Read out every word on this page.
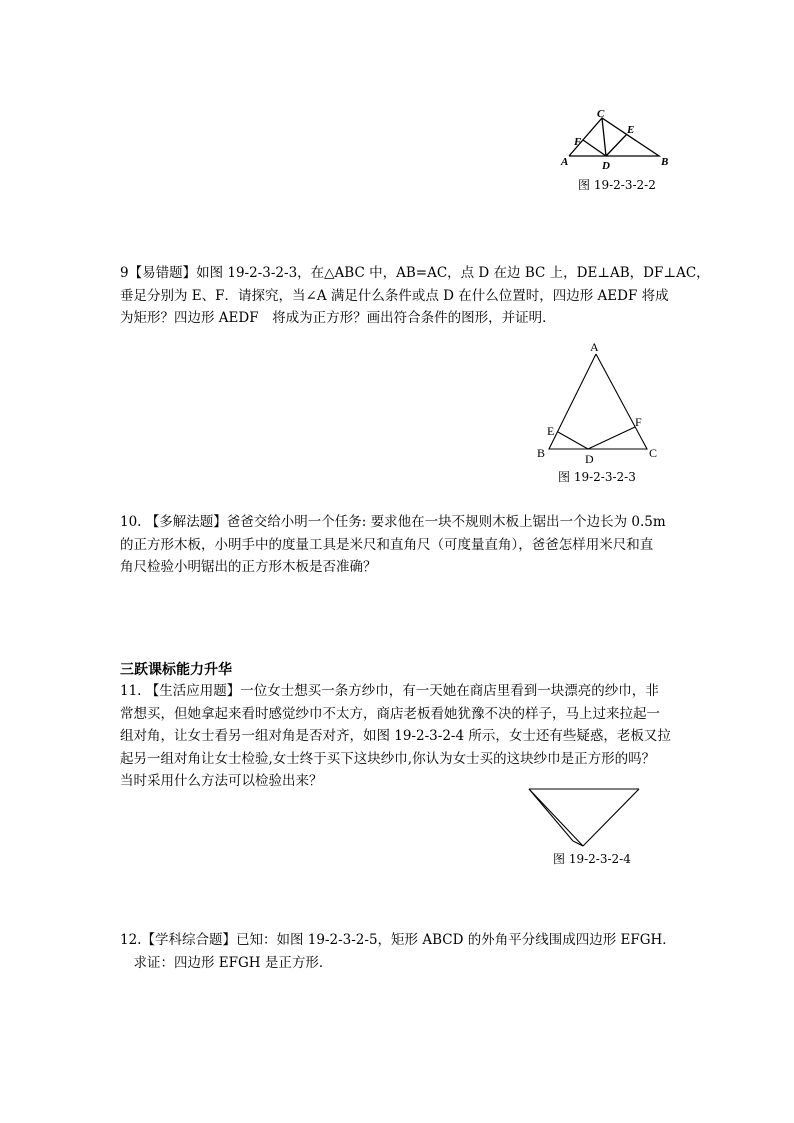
C
E
F
A	D	B
图 19-2-3-2-2
9【易错题】如图 19-2-3-2-3，在△ABC 中，AB=AC，点 D 在边 BC 上，DE⊥AB，DF⊥AC，
垂足分别为 E、F．请探究，当∠A 满足什么条件或点 D 在什么位置时，四边形 AEDF 将成
为矩形？四边形 AEDF　将成为正方形？画出符合条件的图形，并证明．
A
E
F
B	D	C
图 19-2-3-2-3
10. 【多解法题】爸爸交给小明一个任务: 要求他在一块不规则木板上锯出一个边长为 0.5m
的正方形木板，小明手中的度量工具是米尺和直角尺（可度量直角），爸爸怎样用米尺和直
角尺检验小明锯出的正方形木板是否准确？
三跃课标能力升华
11. 【生活应用题】一位女士想买一条方纱巾，有一天她在商店里看到一块漂亮的纱巾，非
常想买，但她拿起来看时感觉纱巾不太方，商店老板看她犹豫不决的样子，马上过来拉起一
组对角，让女士看另一组对角是否对齐，如图 19-2-3-2-4 所示，女士还有些疑惑，老板又拉
起另一组对角让女士检验,女士终于买下这块纱巾,你认为女士买的这块纱巾是正方形的吗？
当时采用什么方法可以检验出来？
图 19-2-3-2-4
12.【学科综合题】已知：如图 19-2-3-2-5，矩形 ABCD 的外角平分线围成四边形 EFGH．
　求证：四边形 EFGH 是正方形．
